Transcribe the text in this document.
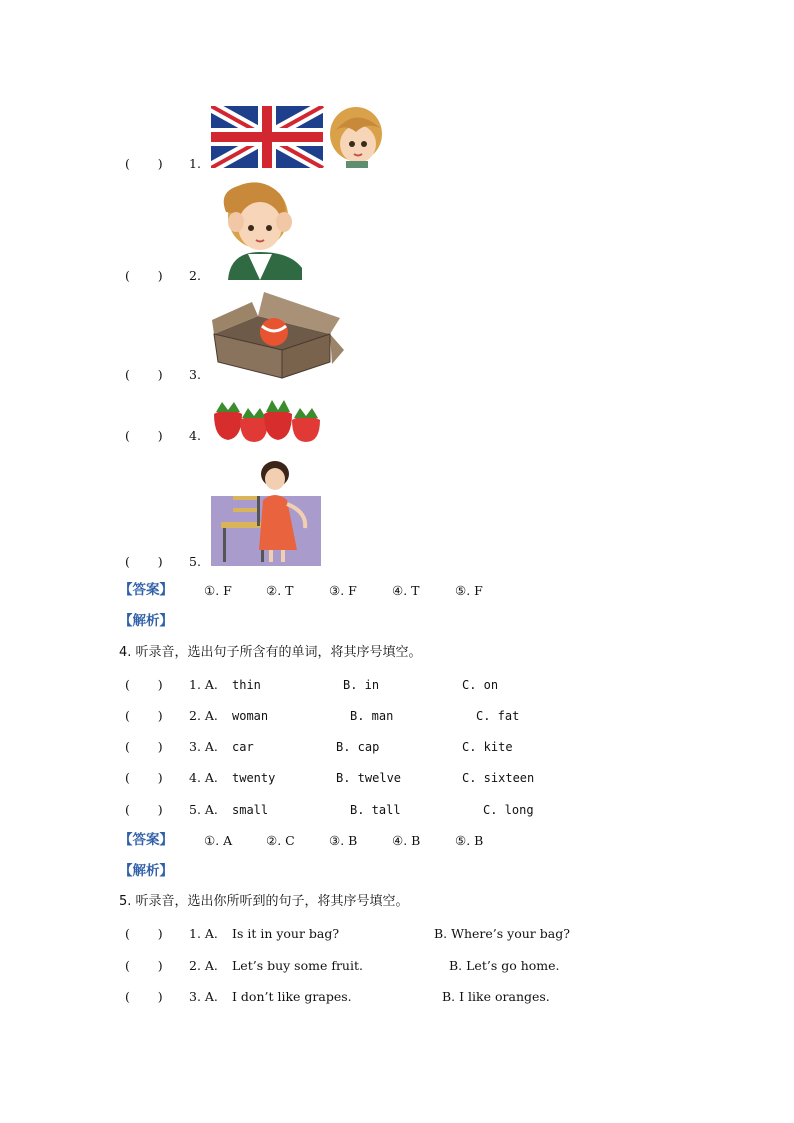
(       ) 1.
(       ) 2.
(       ) 3.
(       ) 4.
(       ) 5.
【答案】 ①. F	②. T	③. F	④. T	⑤. F
【解析】
4. 听录音，选出句子所含有的单词，将其序号填空。
(       ) 1. A. thin	B. in	C. on
(       ) 2. A. woman	B. man	C. fat
(       ) 3. A. car	B. cap	C. kite
(       ) 4. A. twenty	B. twelve	C. sixteen
(       ) 5. A. small	B. tall	C. long
【答案】 ①. A	②. C	③. B	④. B	⑤. B
【解析】
5. 听录音，选出你所听到的句子，将其序号填空。
(       ) 1. A. Is it in your bag?	B. Where’s your bag?
(       ) 2. A. Let’s buy some fruit.	B. Let’s go home.
(       ) 3. A. I don’t like grapes.	B. I like oranges.
